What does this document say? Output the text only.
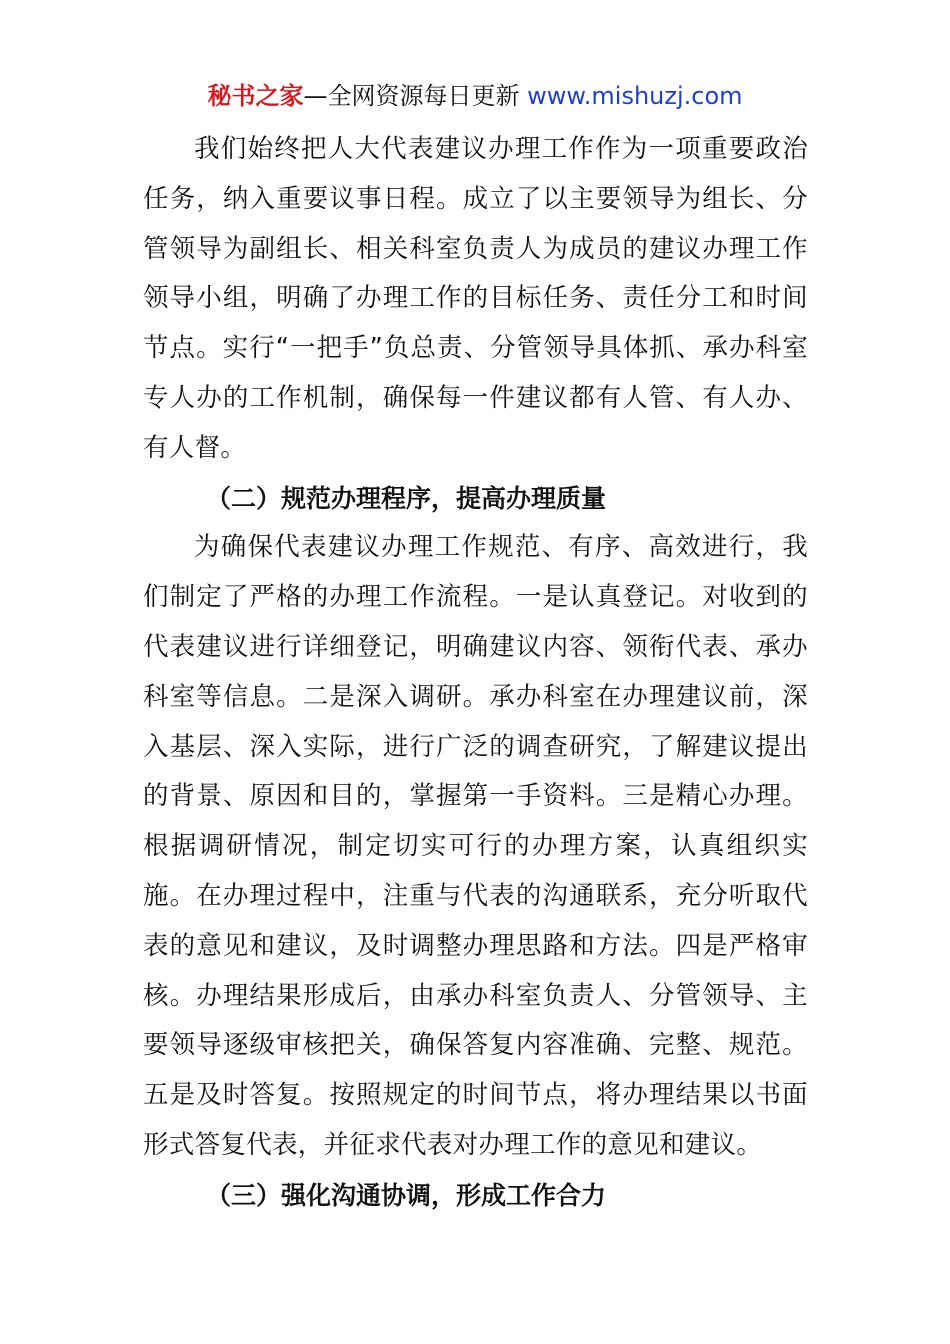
秘书之家—全网资源每日更新 www.mishuzj.com

我们始终把人大代表建议办理工作作为一项重要政治任务，纳入重要议事日程。成立了以主要领导为组长、分管领导为副组长、相关科室负责人为成员的建议办理工作领导小组，明确了办理工作的目标任务、责任分工和时间节点。实行“一把手”负总责、分管领导具体抓、承办科室专人办的工作机制，确保每一件建议都有人管、有人办、有人督。

（二）规范办理程序，提高办理质量

为确保代表建议办理工作规范、有序、高效进行，我们制定了严格的办理工作流程。一是认真登记。对收到的代表建议进行详细登记，明确建议内容、领衔代表、承办科室等信息。二是深入调研。承办科室在办理建议前，深入基层、深入实际，进行广泛的调查研究，了解建议提出的背景、原因和目的，掌握第一手资料。三是精心办理。根据调研情况，制定切实可行的办理方案，认真组织实施。在办理过程中，注重与代表的沟通联系，充分听取代表的意见和建议，及时调整办理思路和方法。四是严格审核。办理结果形成后，由承办科室负责人、分管领导、主要领导逐级审核把关，确保答复内容准确、完整、规范。五是及时答复。按照规定的时间节点，将办理结果以书面形式答复代表，并征求代表对办理工作的意见和建议。

（三）强化沟通协调，形成工作合力
